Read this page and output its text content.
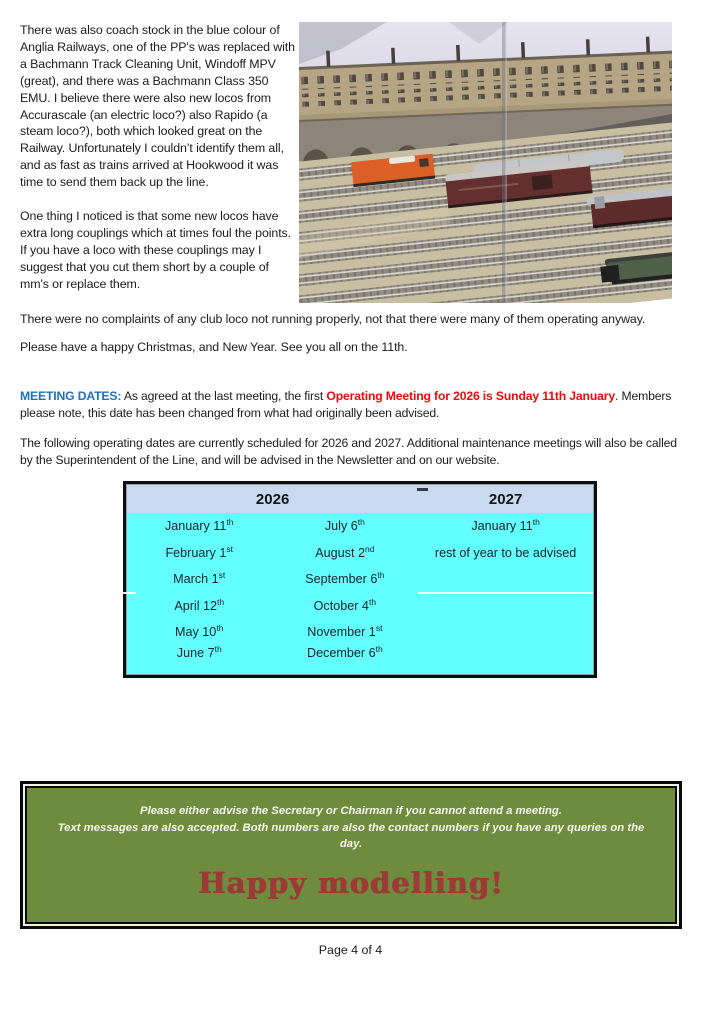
There was also coach stock in the blue colour of Anglia Railways, one of the PP's was replaced with a Bachmann Track Cleaning Unit, Windoff MPV (great), and there was a Bachmann Class 350 EMU. I believe there were also new locos from Accurascale (an electric loco?) also Rapido (a steam loco?), both which looked great on the Railway. Unfortunately I couldn’t identify them all, and as fast as trains arrived at Hookwood it was time to send them back up the line.

One thing I noticed is that some new locos have extra long couplings which at times foul the points. If you have a loco with these couplings may I suggest that you cut them short by a couple of mm's or replace them.

There were no complaints of any club loco not running properly, not that there were many of them operating anyway.

Please have a happy Christmas, and New Year. See you all on the 11th.

MEETING DATES: As agreed at the last meeting, the first Operating Meeting for 2026 is Sunday 11th January. Members please note, this date has been changed from what had originally been advised.

The following operating dates are currently scheduled for 2026 and 2027. Additional maintenance meetings will also be called by the Superintendent of the Line, and will be advised in the Newsletter and on our website.

2026		2027
January 11th	July 6th	January 11th
February 1st	August 2nd	rest of year to be advised
March 1st	September 6th	
April 12th	October 4th	
May 10th	November 1st	
June 7th	December 6th	
Please either advise the Secretary or Chairman if you cannot attend a meeting.
Text messages are also accepted. Both numbers are also the contact numbers if you have any queries on the day.
Happy modelling!
Page 4 of 4
